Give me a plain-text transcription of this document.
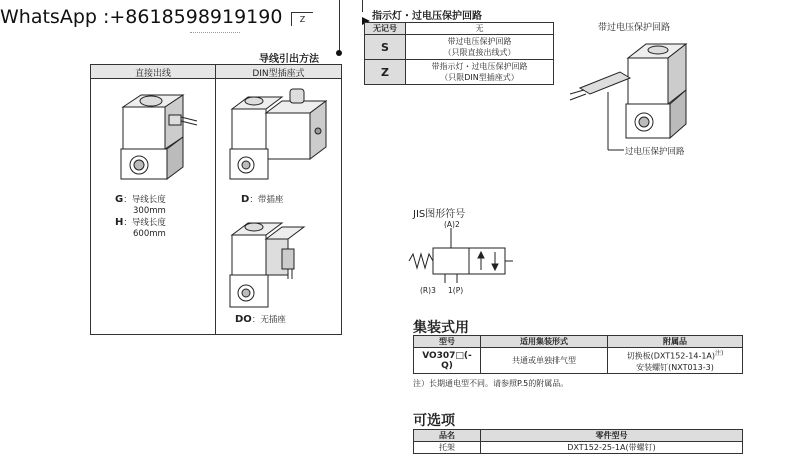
WhatsApp :+8618598919190	Z
导线引出方法
直接出线	DIN型插座式
G：导线长度
300mm
H：导线长度
600mm
D：带插座
DO：无插座
指示灯・过电压保护回路
无记号	无
S	带过电压保护回路
（只限直接出线式）

Z	带指示灯・过电压保护回路
（只限DIN型插座式）
带过电压保护回路
过电压保护回路
JIS图形符号
(A)2
(R)3 1(P)
集装式用
型号	适用集装形式	附属品
VO307□(-Q)	共通或单独排气型	切换板$(DXT152-14-1A)^{注)}$
安装螺钉(NXT013-3)
注）长期通电型不同。请参照P.5的附属品。
可选项
品名	零件型号
托架	DXT152-25-1A(带螺钉)
